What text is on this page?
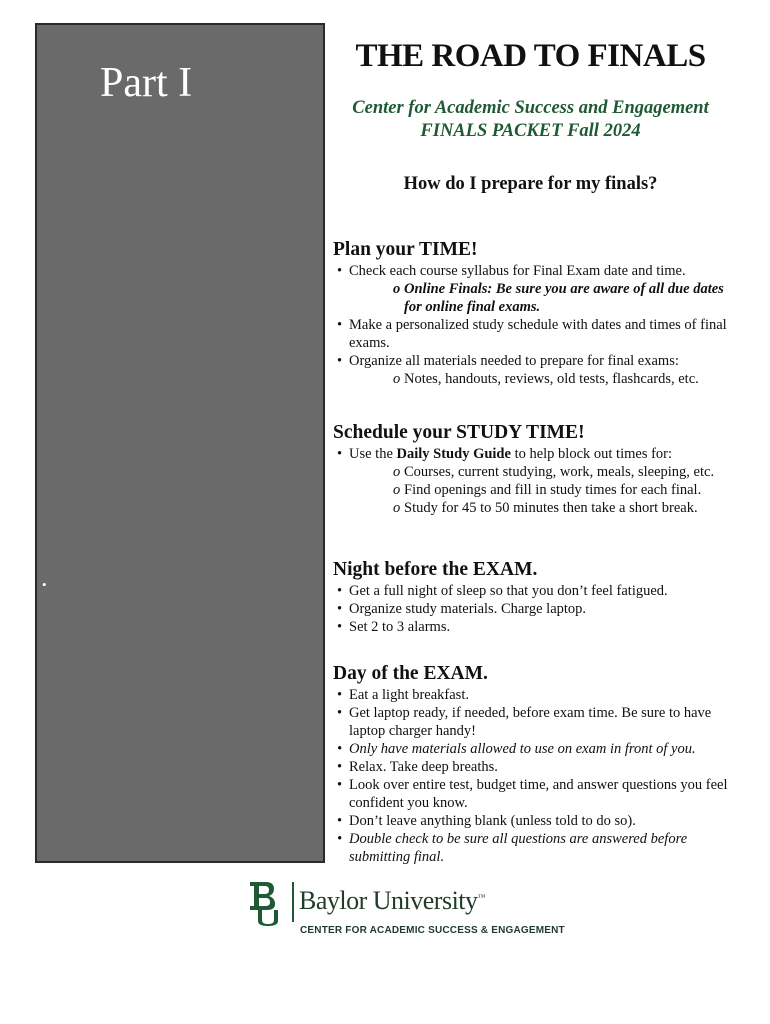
Part I
•
THE ROAD TO FINALS
Center for Academic Success and Engagement
FINALS PACKET Fall 2024
How do I prepare for my finals?
Plan your TIME!
• Check each course syllabus for Final Exam date and time.
o Online Finals: Be sure you are aware of all due dates for online final exams.
• Make a personalized study schedule with dates and times of final exams.
• Organize all materials needed to prepare for final exams:
o Notes, handouts, reviews, old tests, flashcards, etc.
Schedule your STUDY TIME!
• Use the Daily Study Guide to help block out times for:
o Courses, current studying, work, meals, sleeping, etc.
o Find openings and fill in study times for each final.
o Study for 45 to 50 minutes then take a short break.
Night before the EXAM.
• Get a full night of sleep so that you don’t feel fatigued.
• Organize study materials. Charge laptop.
• Set 2 to 3 alarms.
Day of the EXAM.
• Eat a light breakfast.
• Get laptop ready, if needed, before exam time. Be sure to have laptop charger handy!
• Only have materials allowed to use on exam in front of you.
• Relax. Take deep breaths.
• Look over entire test, budget time, and answer questions you feel confident you know.
• Don’t leave anything blank (unless told to do so).
• Double check to be sure all questions are answered before submitting final.
Baylor University™
CENTER FOR ACADEMIC SUCCESS & ENGAGEMENT
